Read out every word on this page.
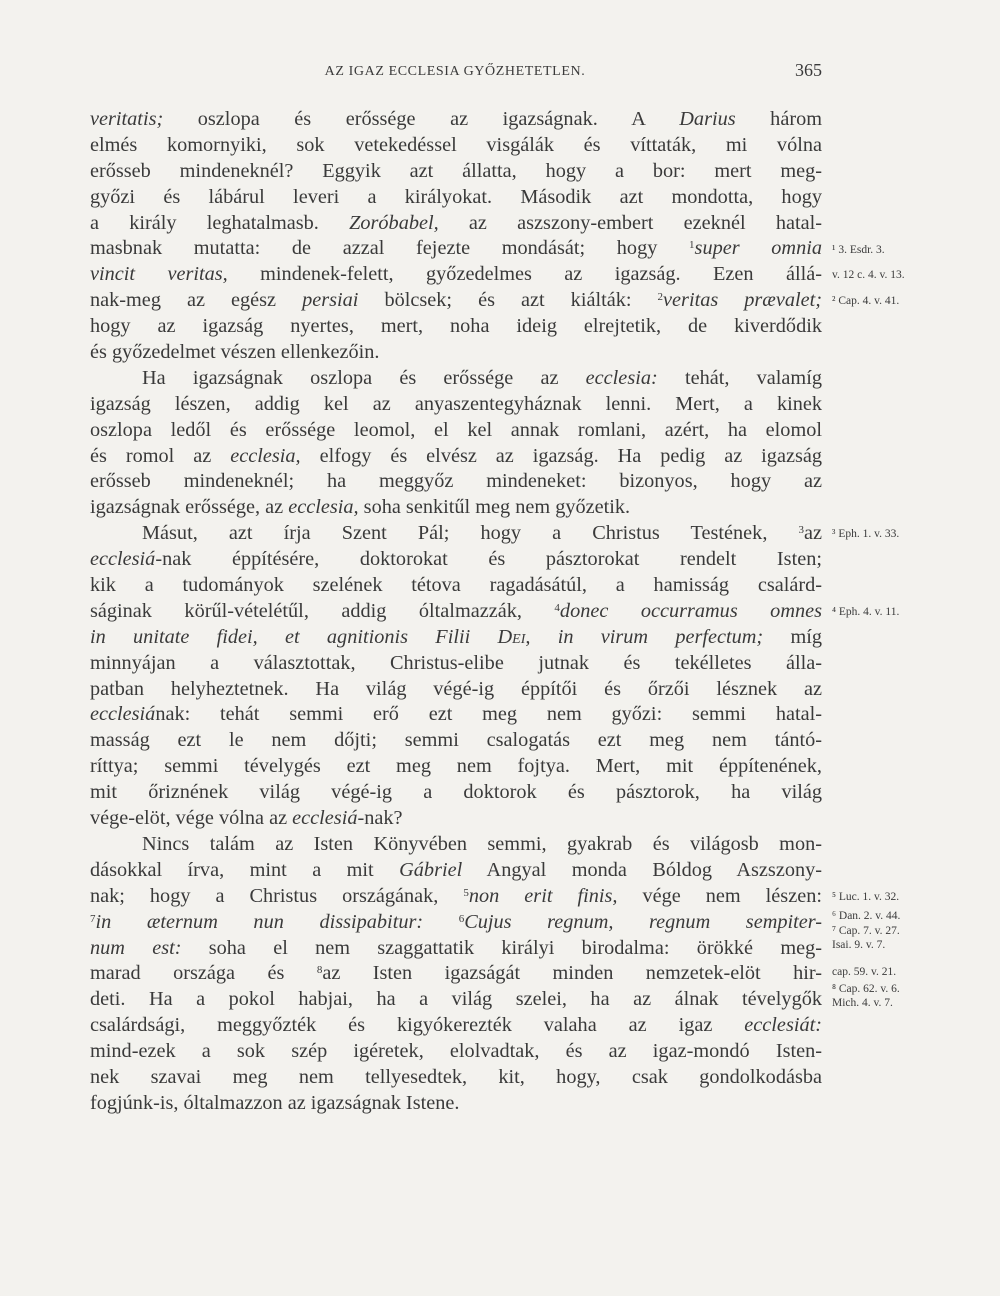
AZ IGAZ ECCLESIA GYŐZHETETLEN.	365
veritatis; oszlopa és erőssége az igazságnak. A Darius három
elmés komornyiki, sok vetekedéssel visgálák és víttaták, mi vólna
erősseb mindeneknél? Eggyik azt állatta, hogy a bor: mert meg-
győzi és lábárul leveri a királyokat. Második azt mondotta, hogy
a király leghatalmasb. Zoróbabel, az aszszony-embert ezeknél hatal-
masbnak mutatta: de azzal fejezte mondását; hogy $^1$super omnia
vincit veritas, mindenek-felett, győzedelmes az igazság. Ezen állá-
nak-meg az egész persiai bölcsek; és azt kiálták: $^2$veritas prævalet;
hogy az igazság nyertes, mert, noha ideig elrejtetik, de kiverdődik
és győzedelmet vészen ellenkezőin.
Ha igazságnak oszlopa és erőssége az ecclesia: tehát, valamíg
igazság lészen, addig kel az anyaszentegyháznak lenni. Mert, a kinek
oszlopa ledől és erőssége leomol, el kel annak romlani, azért, ha elomol
és romol az ecclesia, elfogy és elvész az igazság. Ha pedig az igazság
erősseb mindeneknél; ha meggyőz mindeneket: bizonyos, hogy az
igazságnak erőssége, az ecclesia, soha senkitűl meg nem győzetik.
Másut, azt írja Szent Pál; hogy a Christus Testének, $^3$az
ecclesiá-nak éppítésére, doktorokat és pásztorokat rendelt Isten;
kik a tudományok szelének tétova ragadásátúl, a hamisság csalárd-
ságinak körűl-vételétűl, addig óltalmazzák, $^4$donec occurramus omnes
in unitate fidei, et agnitionis Filii Dei, in virum perfectum; míg
minnyájan a választottak, Christus-elibe jutnak és tekélletes álla-
patban helyheztetnek. Ha világ végé-ig éppítői és őrzői lésznek az
ecclesiának: tehát semmi erő ezt meg nem győzi: semmi hatal-
masság ezt le nem dőjti; semmi csalogatás ezt meg nem tántó-
ríttya; semmi tévelygés ezt meg nem fojtya. Mert, mit éppítenének,
mit őriznének világ végé-ig a doktorok és pásztorok, ha világ
vége-elöt, vége vólna az ecclesiá-nak?
Nincs talám az Isten Könyvében semmi, gyakrab és világosb mon-
dásokkal írva, mint a mit Gábriel Angyal monda Bóldog Aszszony-
nak; hogy a Christus országának, $^5$non erit finis, vége nem lészen:
$^7$in æternum nun dissipabitur:	$^6$Cujus regnum, regnum sempiter-
num est: soha el nem szaggattatik királyi birodalma: örökké meg-
marad országa és $^8$az Isten igazságát minden nemzetek-elöt hir-
deti. Ha a pokol habjai, ha a világ szelei, ha az álnak tévelygők
csalárdsági, meggyőzték és kigyókerezték valaha az igaz ecclesiát:
mind-ezek a sok szép igéretek, elolvadtak, és az igaz-mondó Isten-
nek szavai meg nem tellyesedtek, kit, hogy, csak gondolkodásba
fogjúnk-is, óltalmazzon az igazságnak Istene.
¹ 3. Esdr. 3.
v. 12 c. 4. v. 13.
² Cap. 4. v. 41.
³ Eph. 1. v. 33.
⁴ Eph. 4. v. 11.
⁵ Luc. 1. v. 32.
⁶ Dan. 2. v. 44.
⁷ Cap. 7. v. 27.
Isai. 9. v. 7.
cap. 59. v. 21.
⁸ Cap. 62. v. 6.
Mich. 4. v. 7.
